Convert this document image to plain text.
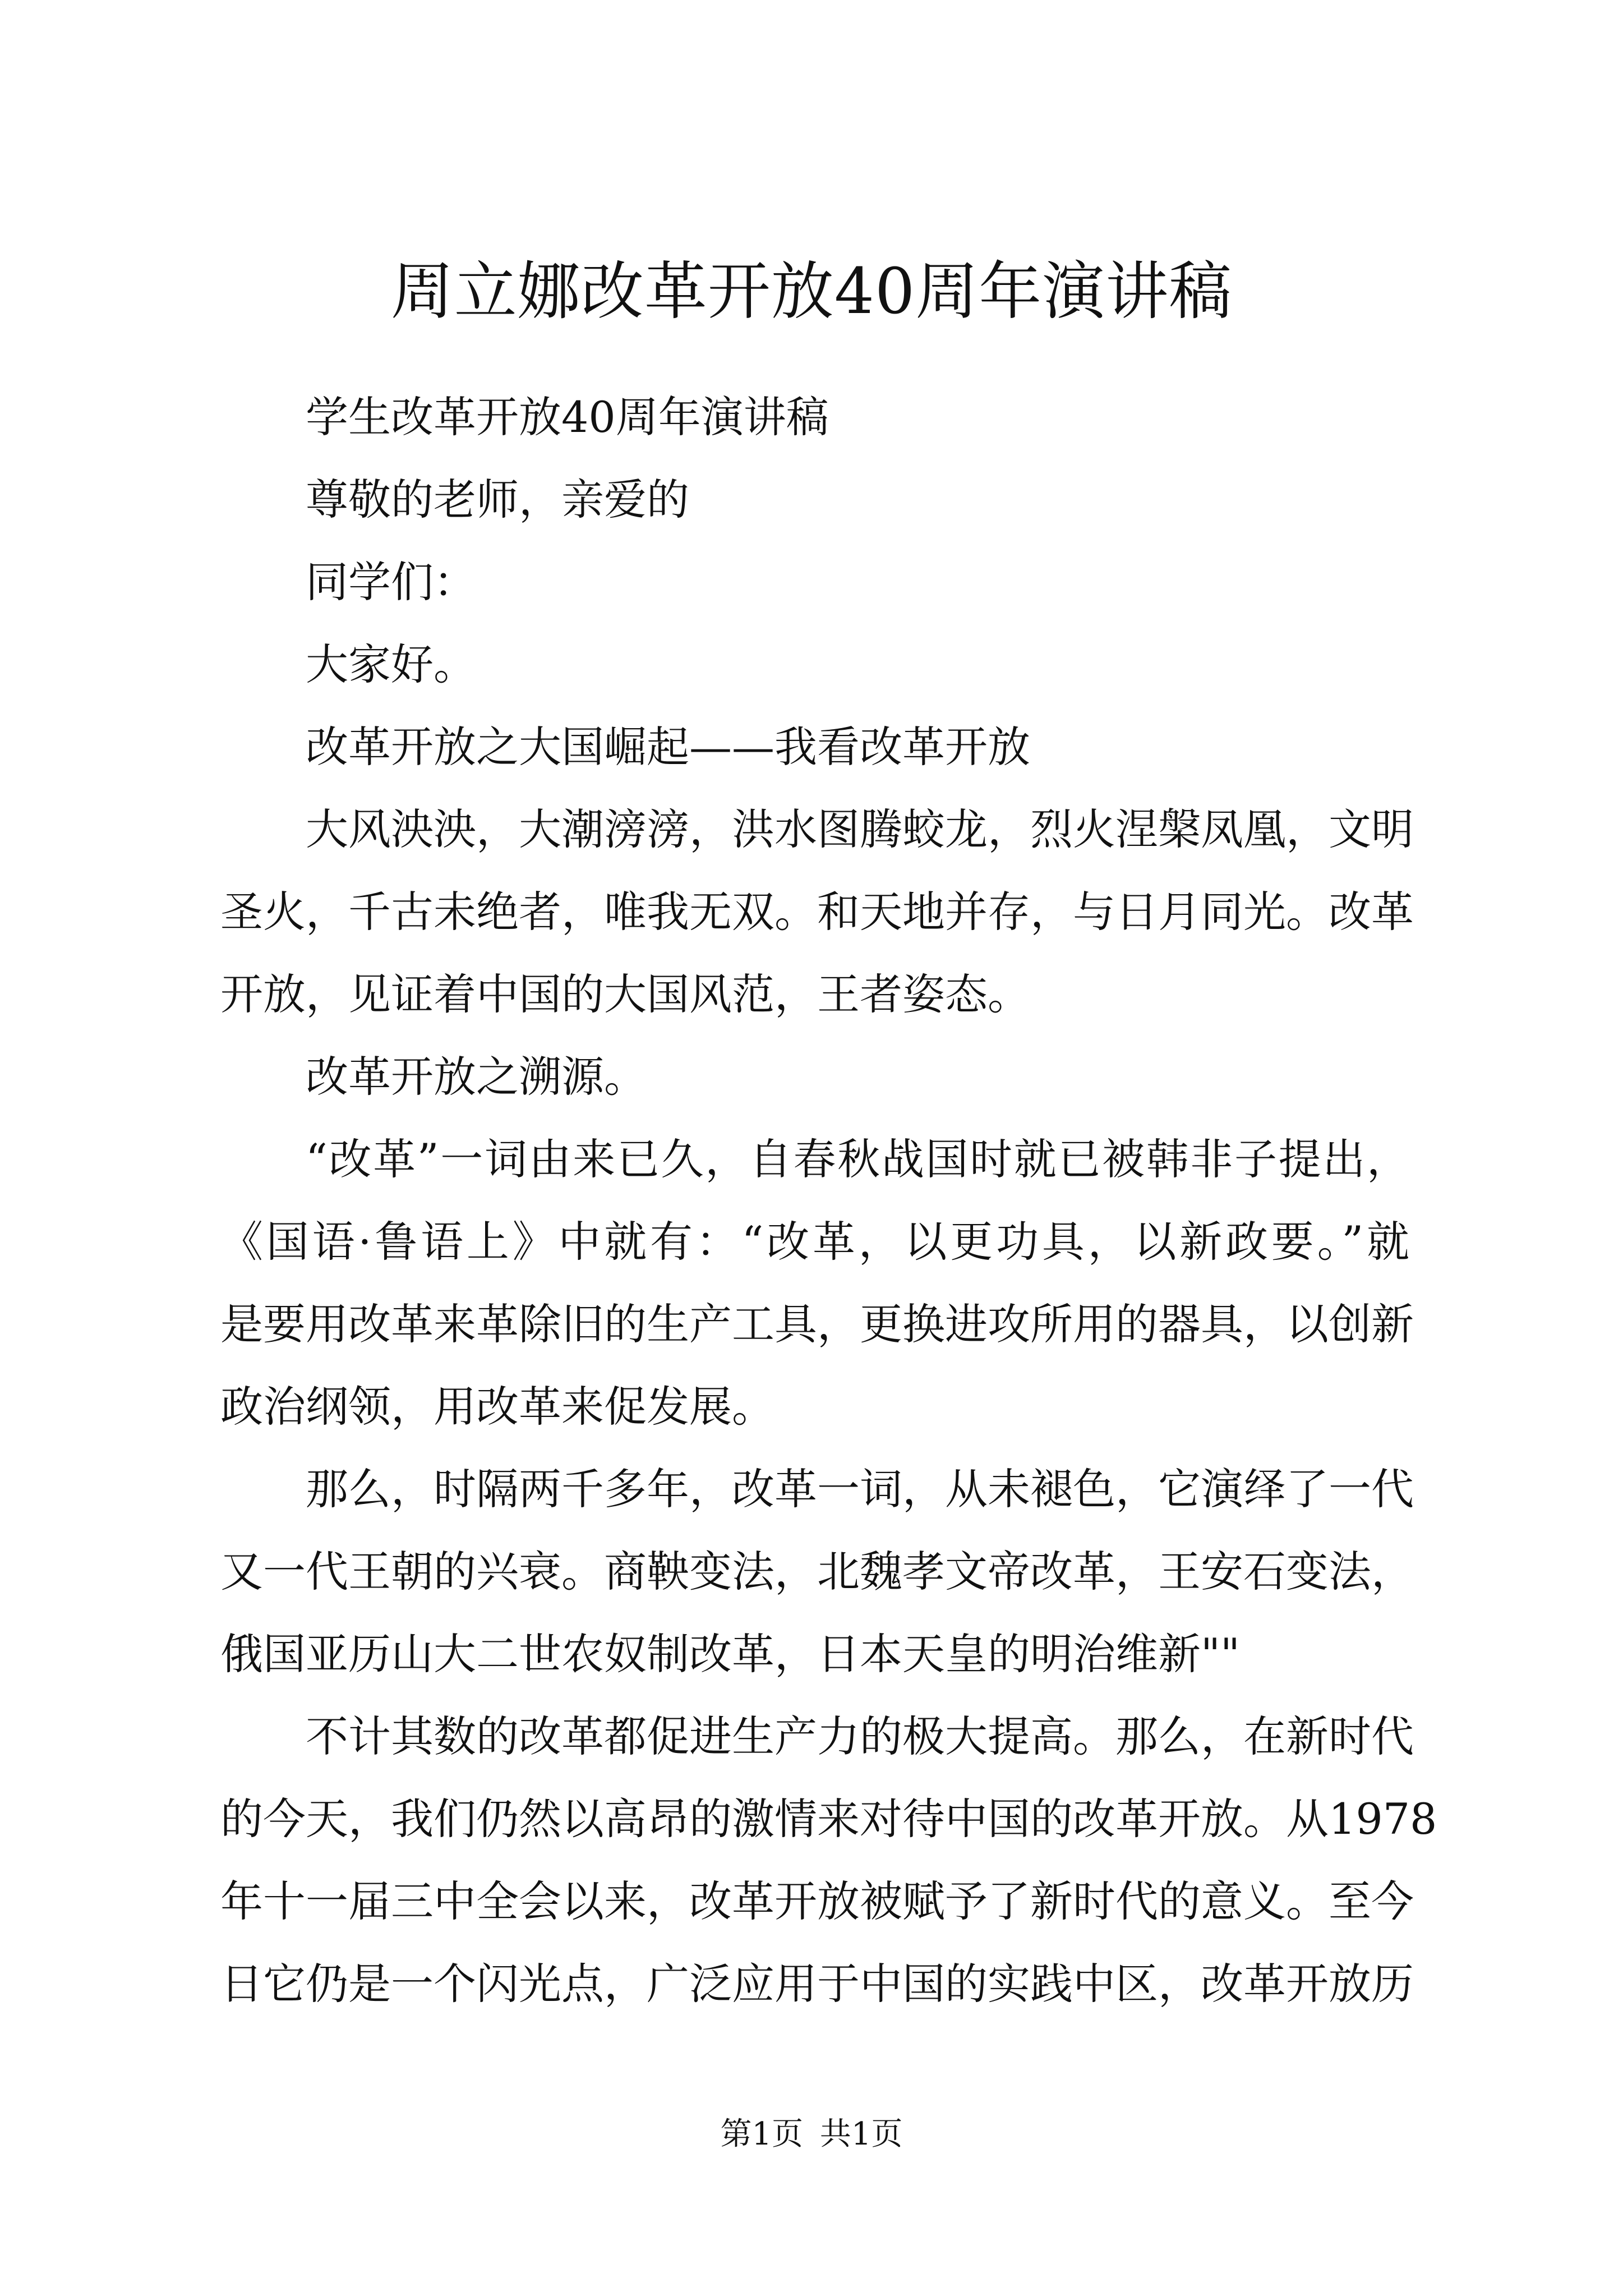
周立娜改革开放40周年演讲稿

学生改革开放40周年演讲稿

尊敬的老师，亲爱的

同学们：

大家好。

改革开放之大国崛起——我看改革开放

大风泱泱，大潮滂滂，洪水图腾蛟龙，烈火涅槃凤凰，文明

圣火，千古未绝者，唯我无双。和天地并存，与日月同光。改革

开放，见证着中国的大国风范，王者姿态。

改革开放之溯源。

“改革”一词由来已久，自春秋战国时就已被韩非子提出，

《国语·鲁语上》中就有：“改革，以更功具，以新政要。”就

是要用改革来革除旧的生产工具，更换进攻所用的器具，以创新

政治纲领，用改革来促发展。

那么，时隔两千多年，改革一词，从未褪色，它演绎了一代

又一代王朝的兴衰。商鞅变法，北魏孝文帝改革，王安石变法，

俄国亚历山大二世农奴制改革，日本天皇的明治维新""

不计其数的改革都促进生产力的极大提高。那么，在新时代

的今天，我们仍然以高昂的激情来对待中国的改革开放。从1978

年十一届三中全会以来，改革开放被赋予了新时代的意义。至今

日它仍是一个闪光点，广泛应用于中国的实践中区，改革开放历

第1页 共1页
